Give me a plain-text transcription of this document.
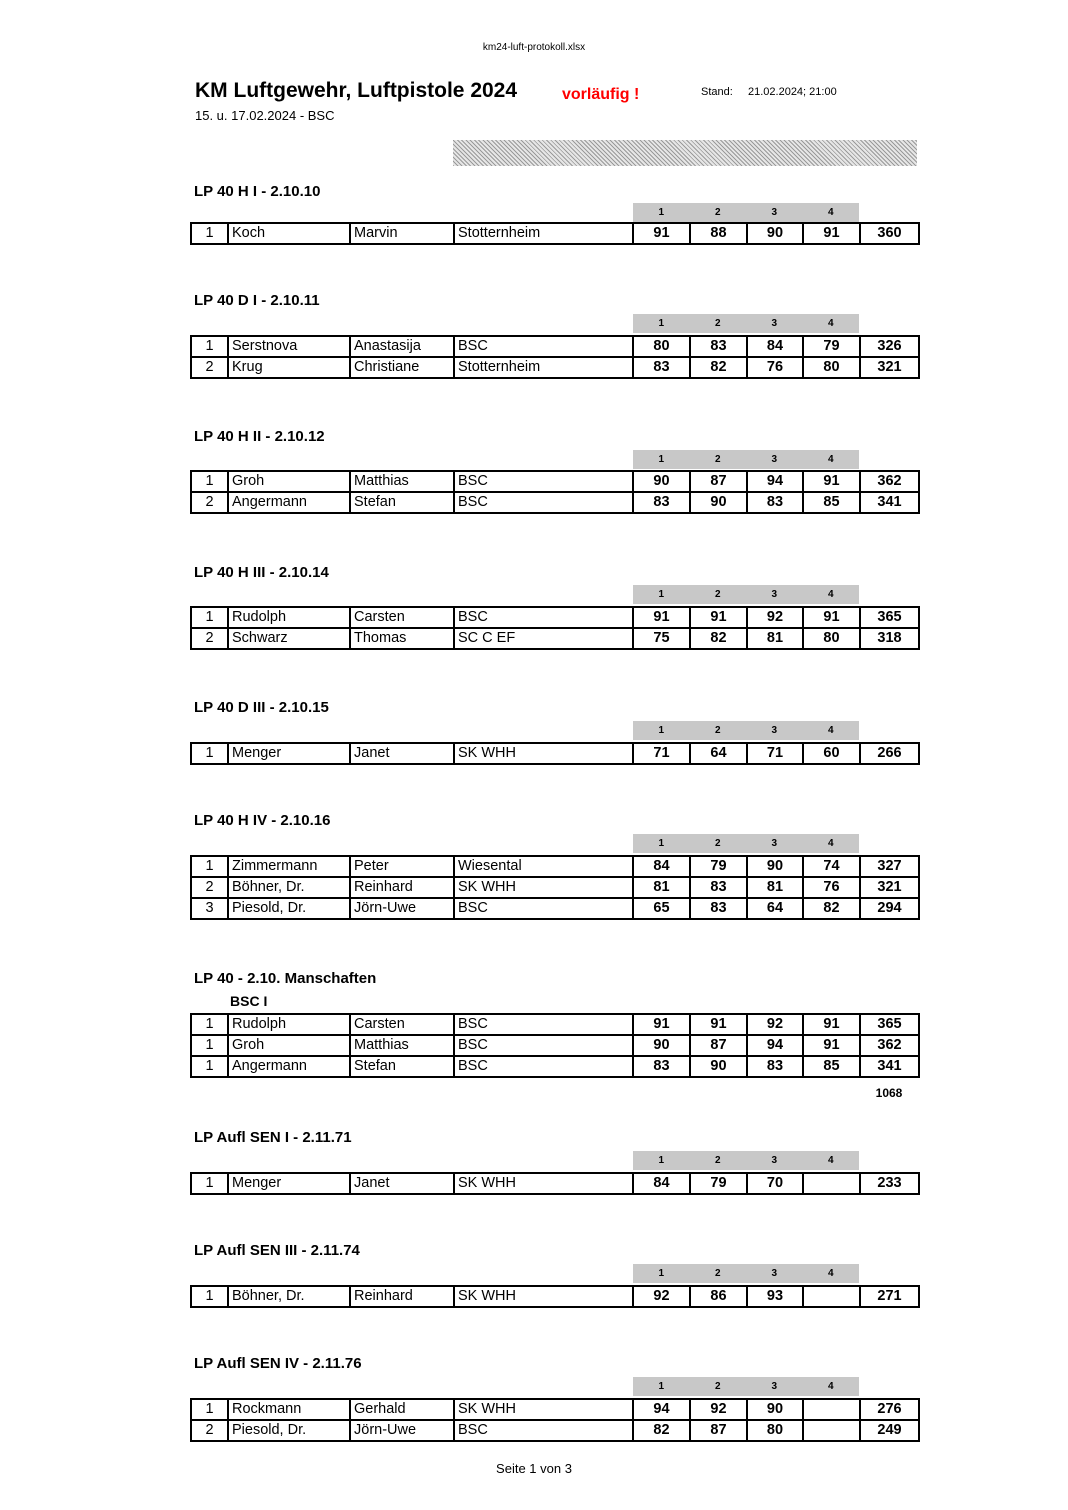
km24-luft-protokoll.xlsx
KM Luftgewehr, Luftpistole 2024	vorläufig !	Stand: 21.02.2024; 21:00
15. u. 17.02.2024 - BSC
LP 40 H I - 2.10.10
1	2	3	4
1	Koch	Marvin	Stotternheim	91	88	90	91	360
LP 40 D I - 2.10.11
1	2	3	4
1	Serstnova	Anastasija	BSC	80	83	84	79	326
2	Krug	Christiane	Stotternheim	83	82	76	80	321
LP 40 H II - 2.10.12
1	2	3	4
1	Groh	Matthias	BSC	90	87	94	91	362
2	Angermann	Stefan	BSC	83	90	83	85	341
LP 40 H III - 2.10.14
1	2	3	4
1	Rudolph	Carsten	BSC	91	91	92	91	365
2	Schwarz	Thomas	SC C EF	75	82	81	80	318
LP 40 D III - 2.10.15
1	2	3	4
1	Menger	Janet	SK WHH	71	64	71	60	266
LP 40 H IV - 2.10.16
1	2	3	4
1	Zimmermann	Peter	Wiesental	84	79	90	74	327
2	Böhner, Dr.	Reinhard	SK WHH	81	83	81	76	321
3	Piesold, Dr.	Jörn-Uwe	BSC	65	83	64	82	294
LP 40 - 2.10. Manschaften
BSC I
1	Rudolph	Carsten	BSC	91	91	92	91	365
1	Groh	Matthias	BSC	90	87	94	91	362
1	Angermann	Stefan	BSC	83	90	83	85	341
1068
LP Aufl SEN I - 2.11.71
1	2	3	4
1	Menger	Janet	SK WHH	84	79	70		233
LP Aufl SEN III - 2.11.74
1	2	3	4
1	Böhner, Dr.	Reinhard	SK WHH	92	86	93		271
LP Aufl SEN IV - 2.11.76
1	2	3	4
1	Rockmann	Gerhald	SK WHH	94	92	90		276
2	Piesold, Dr.	Jörn-Uwe	BSC	82	87	80		249
Seite 1 von 3
